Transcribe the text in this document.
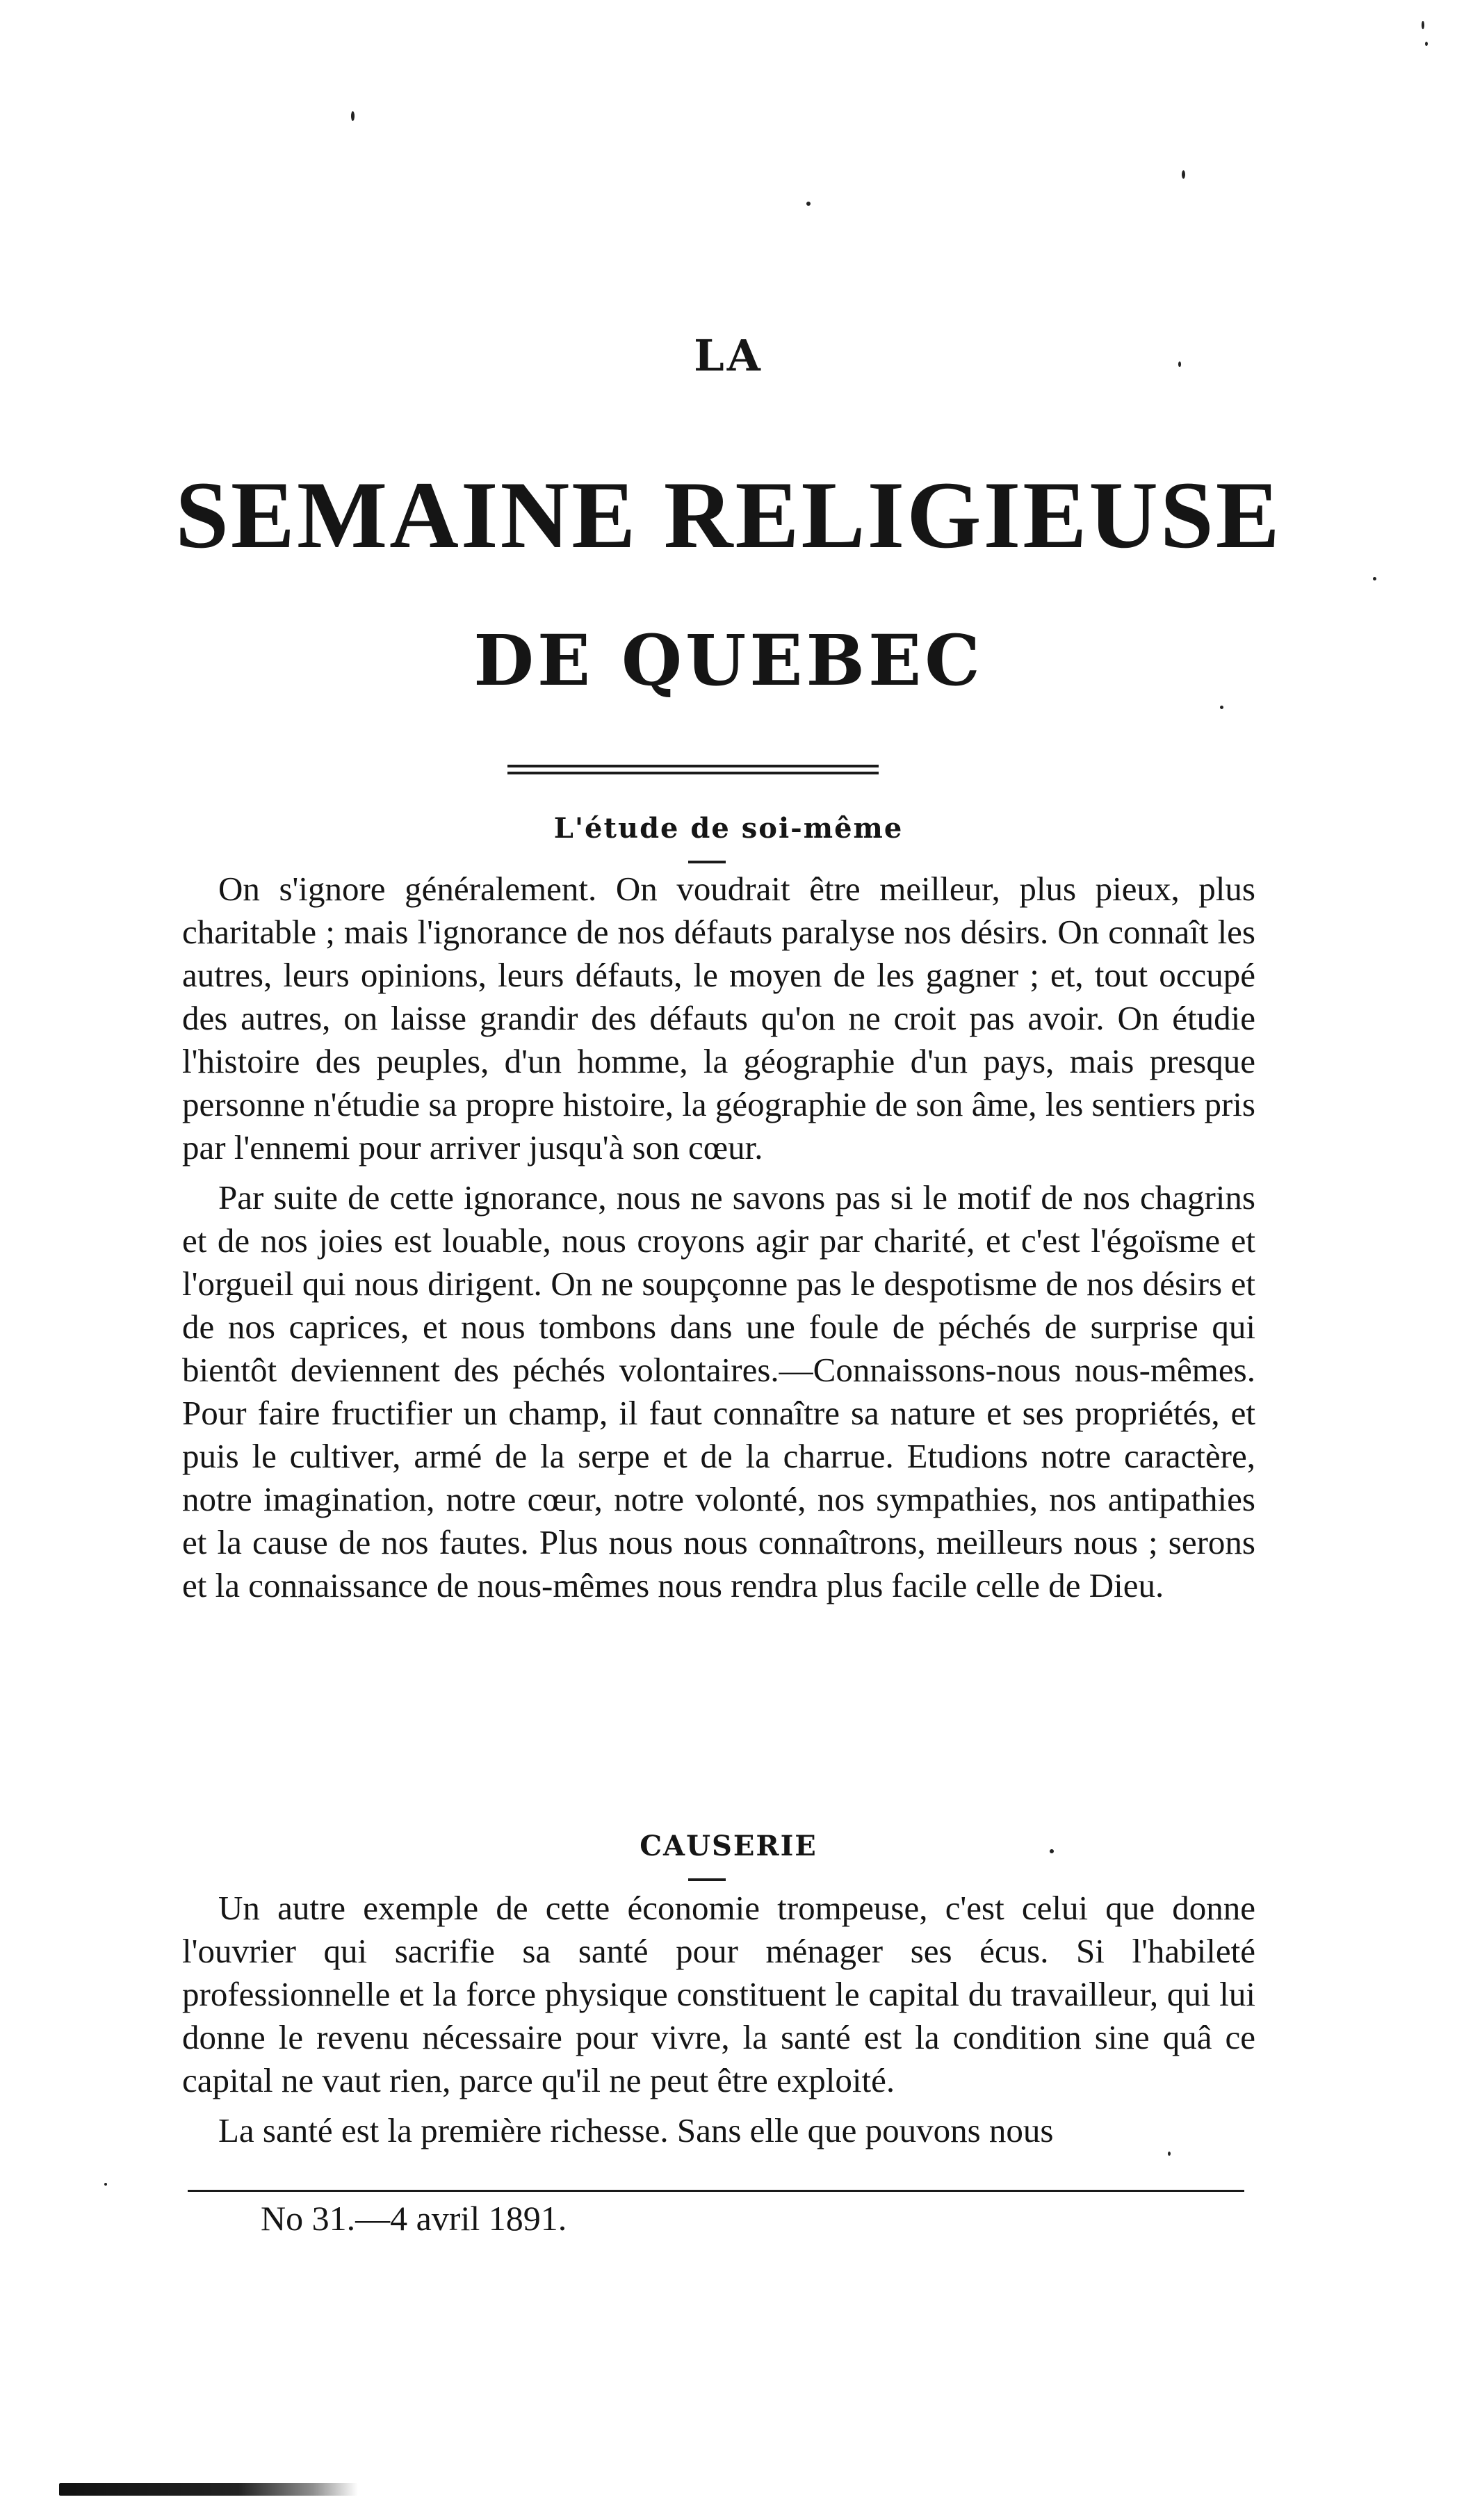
LA
SEMAINE RELIGIEUSE
DE QUEBEC
L'étude de soi-même

On s'ignore généralement. On voudrait être meilleur, plus pieux, plus charitable ; mais l'ignorance de nos défauts paralyse nos désirs. On connaît les autres, leurs opinions, leurs défauts, le moyen de les gagner ; et, tout occupé des autres, on laisse grandir des défauts qu'on ne croit pas avoir. On étudie l'histoire des peuples, d'un homme, la géographie d'un pays, mais presque personne n'étudie sa propre histoire, la géographie de son âme, les sentiers pris par l'ennemi pour arriver jusqu'à son cœur.

Par suite de cette ignorance, nous ne savons pas si le motif de nos chagrins et de nos joies est louable, nous croyons agir par charité, et c'est l'égoïsme et l'orgueil qui nous dirigent. On ne soupçonne pas le despotisme de nos désirs et de nos caprices, et nous tombons dans une foule de péchés de surprise qui bientôt deviennent des péchés volontaires.—Connaissons-nous nous-mêmes. Pour faire fructifier un champ, il faut connaître sa nature et ses propriétés, et puis le cultiver, armé de la serpe et de la charrue. Etudions notre caractère, notre imagination, notre cœur, notre volonté, nos sympathies, nos antipathies et la cause de nos fautes. Plus nous nous connaîtrons, meilleurs nous ; serons et la connaissance de nous-mêmes nous rendra plus facile celle de Dieu.

CAUSERIE

Un autre exemple de cette économie trompeuse, c'est celui que donne l'ouvrier qui sacrifie sa santé pour ménager ses écus. Si l'habileté professionnelle et la force physique constituent le capital du travailleur, qui lui donne le revenu nécessaire pour vivre, la santé est la condition sine quâ ce capital ne vaut rien, parce qu'il ne peut être exploité.

La santé est la première richesse. Sans elle que pouvons nous

No 31.—4 avril 1891.
